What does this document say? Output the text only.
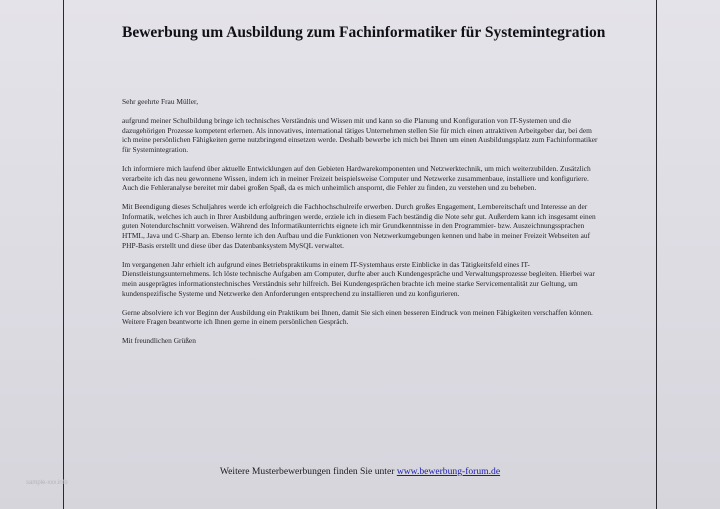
Bewerbung um Ausbildung zum Fachinformatiker für Systemintegration

Sehr geehrte Frau Müller,

aufgrund meiner Schulbildung bringe ich technisches Verständnis und Wissen mit und kann so die Planung und Konfiguration von IT-Systemen und die dazugehörigen Prozesse kompetent erlernen. Als innovatives, international tätiges Unternehmen stellen Sie für mich einen attraktiven Arbeitgeber dar, bei dem ich meine persönlichen Fähigkeiten gerne nutzbringend einsetzen werde. Deshalb bewerbe ich mich bei Ihnen um einen Ausbildungsplatz zum Fachinformatiker für Systemintegration.

Ich informiere mich laufend über aktuelle Entwicklungen auf den Gebieten Hardwarekomponenten und Netzwerktechnik, um mich weiterzubilden. Zusätzlich verarbeite ich das neu gewonnene Wissen, indem ich in meiner Freizeit beispielsweise Computer und Netzwerke zusammenbaue, installiere und konfiguriere. Auch die Fehleranalyse bereitet mir dabei großen Spaß, da es mich unheimlich anspornt, die Fehler zu finden, zu verstehen und zu beheben.

Mit Beendigung dieses Schuljahres werde ich erfolgreich die Fachhochschulreife erwerben. Durch großes Engagement, Lernbereitschaft und Interesse an der Informatik, welches ich auch in Ihrer Ausbildung aufbringen werde, erziele ich in diesem Fach beständig die Note sehr gut. Außerdem kann ich insgesamt einen guten Notendurchschnitt vorweisen. Während des Informatikunterrichts eignete ich mir Grundkenntnisse in den Programmier- bzw. Auszeichnungssprachen HTML, Java und C-Sharp an. Ebenso lernte ich den Aufbau und die Funktionen von Netzwerkumgebungen kennen und habe in meiner Freizeit Webseiten auf PHP-Basis erstellt und diese über das Datenbanksystem MySQL verwaltet.

Im vergangenen Jahr erhielt ich aufgrund eines Betriebspraktikums in einem IT-Systemhaus erste Einblicke in das Tätigkeitsfeld eines IT- Dienstleistungsunternehmens. Ich löste technische Aufgaben am Computer, durfte aber auch Kundengespräche und Verwaltungsprozesse begleiten. Hierbei war mein ausgeprägtes informationstechnisches Verständnis sehr hilfreich. Bei Kundengesprächen brachte ich meine starke Servicementalität zur Geltung, um kundenspezifische Systeme und Netzwerke den Anforderungen entsprechend zu installieren und zu konfigurieren.

Gerne absolviere ich vor Beginn der Ausbildung ein Praktikum bei Ihnen, damit Sie sich einen besseren Eindruck von meinen Fähigkeiten verschaffen können. Weitere Fragen beantworte ich Ihnen gerne in einem persönlichen Gespräch.

Mit freundlichen Grüßen

Weitere Musterbewerbungen finden Sie unter www.bewerbung-forum.de
sample-xxx.info
